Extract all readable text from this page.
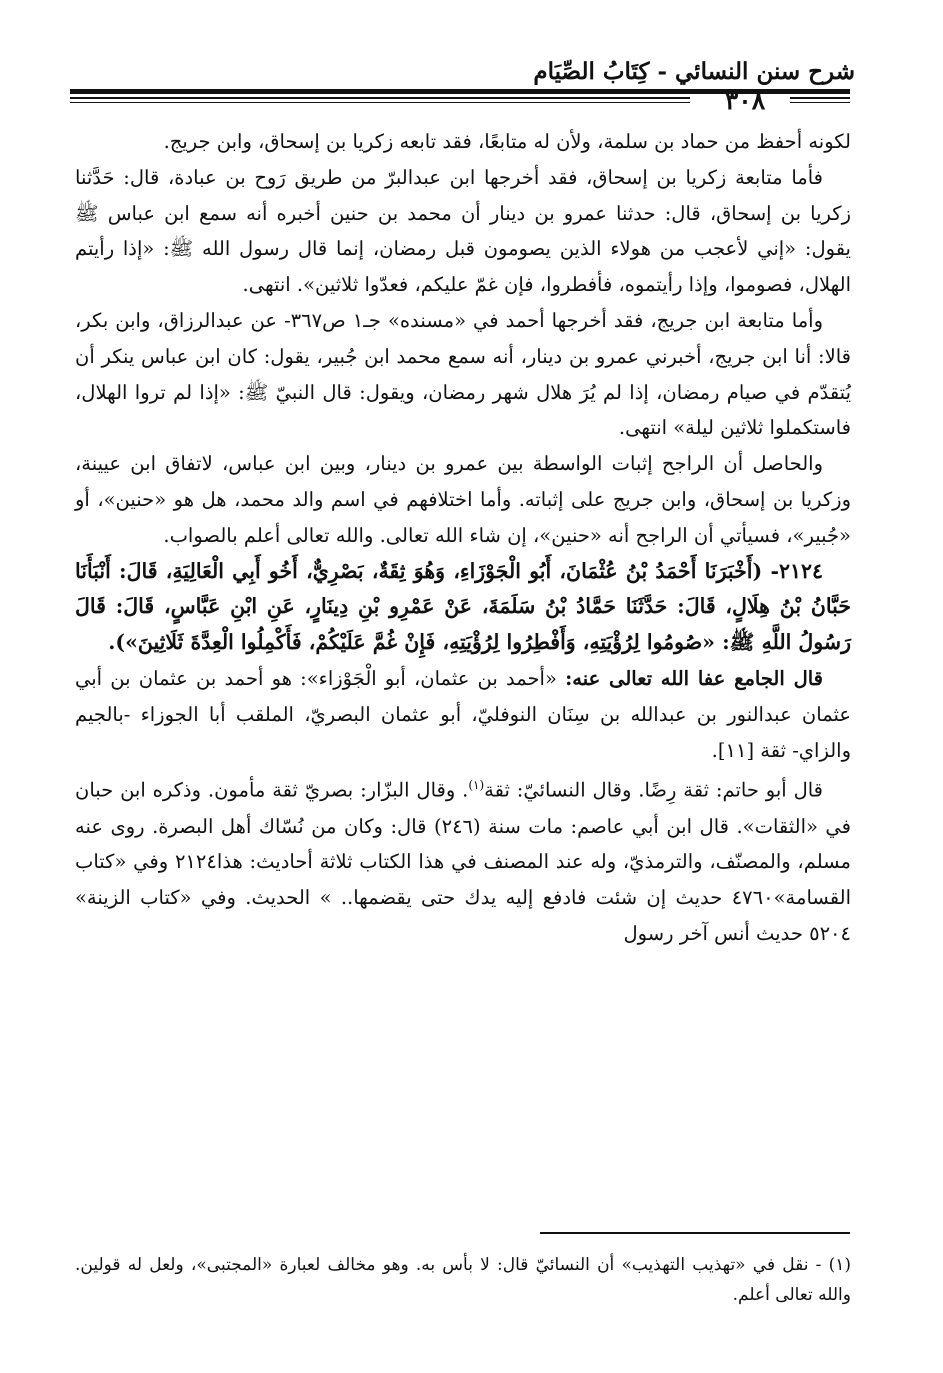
شرح سنن النسائي - كِتَابُ الصِّيَام
٣٠٨

لكونه أحفظ من حماد بن سلمة، ولأن له متابعًا، فقد تابعه زكريا بن إسحاق، وابن جريج.

فأما متابعة زكريا بن إسحاق، فقد أخرجها ابن عبدالبرّ من طريق رَوح بن عبادة، قال: حَدَّثنا زكريا بن إسحاق، قال: حدثنا عمرو بن دينار أن محمد بن حنين أخبره أنه سمع ابن عباس ﷺ يقول: «إني لأعجب من هولاء الذين يصومون قبل رمضان، إنما قال رسول الله ﷺ: «إذا رأيتم الهلال، فصوموا، وإذا رأيتموه، فأفطروا، فإن غمّ عليكم، فعدّوا ثلاثين». انتهى.

وأما متابعة ابن جريج، فقد أخرجها أحمد في «مسنده» جـ١ ص٣٦٧- عن عبدالرزاق، وابن بكر، قالا: أنا ابن جريج، أخبرني عمرو بن دينار، أنه سمع محمد ابن جُبير، يقول: كان ابن عباس ينكر أن يُتقدّم في صيام رمضان، إذا لم يُرَ هلال شهر رمضان، ويقول: قال النبيّ ﷺ: «إذا لم تروا الهلال، فاستكملوا ثلاثين ليلة» انتهى.

والحاصل أن الراجح إثبات الواسطة بين عمرو بن دينار، وبين ابن عباس، لاتفاق ابن عيينة، وزكريا بن إسحاق، وابن جريج على إثباته. وأما اختلافهم في اسم والد محمد، هل هو «حنين»، أو «جُبير»، فسيأتي أن الراجح أنه «حنين»، إن شاء الله تعالى. والله تعالى أعلم بالصواب.

٢١٢٤- (أَخْبَرَنَا أَحْمَدُ بْنُ عُثْمَانَ، أَبُو الْجَوْزَاءِ، وَهُوَ ثِقَةٌ، بَصْرِيٌّ، أَخُو أَبِي الْعَالِيَةِ، قَالَ: أَنْبَأَنَا حَبَّانُ بْنُ هِلَالٍ، قَالَ: حَدَّثَنَا حَمَّادُ بْنُ سَلَمَةَ، عَنْ عَمْرِو بْنِ دِينَارٍ، عَنِ ابْنِ عَبَّاسٍ، قَالَ: قَالَ رَسُولُ اللَّهِ ﷺ: «صُومُوا لِرُؤْيَتِهِ، وَأَفْطِرُوا لِرُؤْيَتِهِ، فَإِنْ غُمَّ عَلَيْكُمْ، فَأَكْمِلُوا الْعِدَّةَ ثَلَاثِينَ»).

قال الجامع عفا الله تعالى عنه: «أحمد بن عثمان، أبو الْجَوْزاء»: هو أحمد بن عثمان بن أبي عثمان عبدالنور بن عبدالله بن سِنَان النوفليّ، أبو عثمان البصريّ، الملقب أبا الجوزاء -بالجيم والزاي- ثقة [١١].

قال أبو حاتم: ثقة رِضًا. وقال النسائيّ: ثقة$^{(١)}$. وقال البزّار: بصريّ ثقة مأمون. وذكره ابن حبان في «الثقات». قال ابن أبي عاصم: مات سنة (٢٤٦) قال: وكان من نُسّاك أهل البصرة. روى عنه مسلم، والمصنّف، والترمذيّ، وله عند المصنف في هذا الكتاب ثلاثة أحاديث: هذا٢١٢٤ وفي «كتاب القسامة»٤٧٦٠ حديث إن شئت فادفع إليه يدك حتى يقضمها.. » الحديث. وفي «كتاب الزينة» ٥٢٠٤ حديث أنس آخر رسول

(١) - نقل في «تهذيب التهذيب» أن النسائيّ قال: لا بأس به. وهو مخالف لعبارة «المجتبى»، ولعل له قولين. والله تعالى أعلم.
